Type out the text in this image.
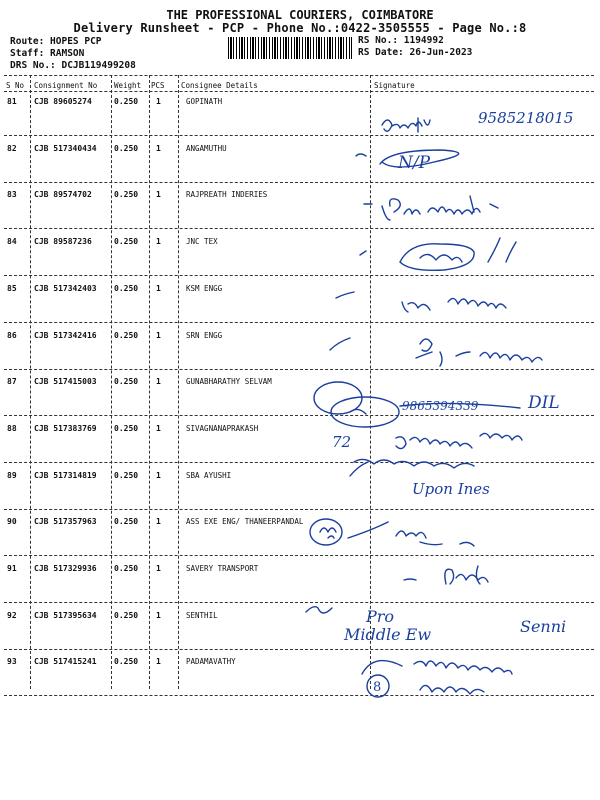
THE PROFESSIONAL COURIERS, COIMBATORE
Delivery Runsheet - PCP - Phone No.:0422-3505555 - Page No.:8
Route: HOPES PCP
Staff: RAMSON
DRS No.: DCJB119499208
RS No.: 1194992
RS Date: 26-Jun-2023
S No Consignment No Weight PCS Consignee Details	Signature
81 CJB 89605274	0.250 1	GOPINATH
82 CJB 517340434 0.250 1	ANGAMUTHU
83 CJB 89574702	0.250 1	RAJPREATH INDERIES
84 CJB 89587236	0.250 1	JNC TEX
85 CJB 517342403 0.250 1	KSM ENGG
86 CJB 517342416 0.250 1	SRN ENGG
87 CJB 517415003 0.250 1	GUNABHARATHY SELVAM
88 CJB 517383769 0.250 1	SIVAGNANAPRAKASH
89 CJB 517314819 0.250 1	SBA AYUSHI
90 CJB 517357963 0.250 1	ASS EXE ENG/ THANEERPANDAL
91 CJB 517329936 0.250 1	SAVERY TRANSPORT
92 CJB 517395634 0.250 1	SENTHIL
93 CJB 517415241 0.250 1	PADAMAVATHY
9585218015
N/P
9865394339	DIL
72
Upon Ines
Pro
Middle Ew	Senni
8
